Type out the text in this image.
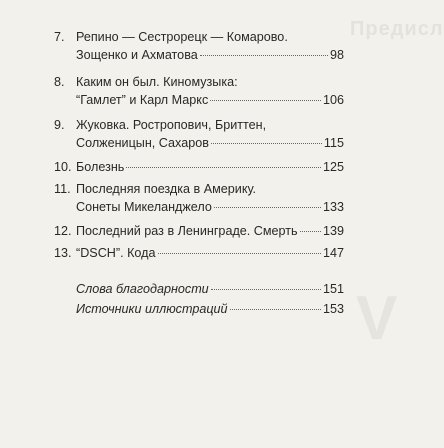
Предисл
V
7. Репино — Сестрорецк — Комарово.
Зощенко и Ахматова	98
8. Каким он был. Киномузыка:
“Гамлет” и Карл Маркс	106
9. Жуковка. Ростропович, Бриттен,
Солженицын, Сахаров	115
10. Болезнь	125
11. Последняя поездка в Америку.
Сонеты Микеланджело	133
12. Последний раз в Ленинграде. Смерть 139
13. “DSCH”. Кода	147
Слова благодарности	151
Источники иллюстраций	153
